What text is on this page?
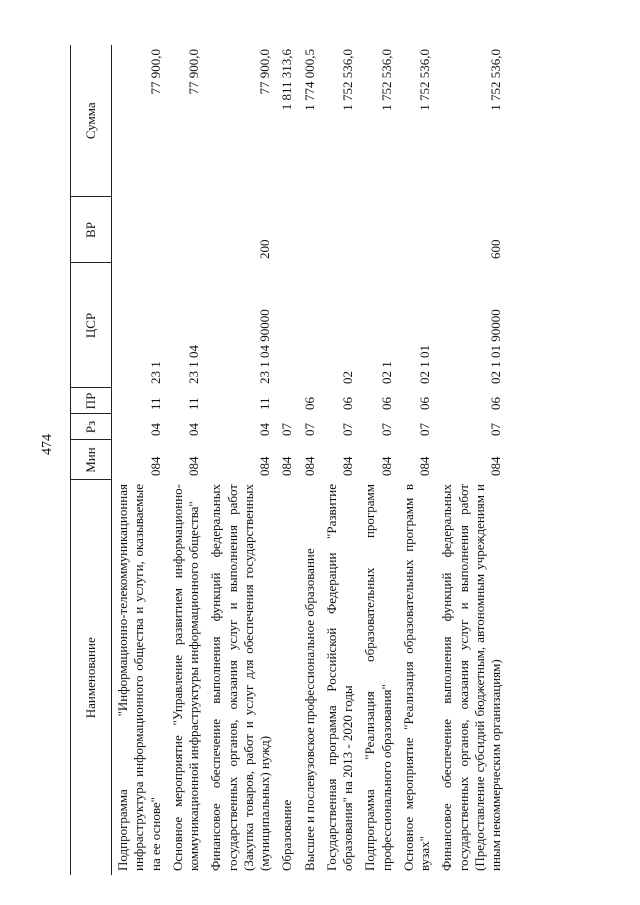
474
Наименование	Мин	Рз	ПР	ЦСР	ВР	Сумма
Подпрограмма "Информационно-телекоммуникационная инфраструктура информационного общества и услуги, оказываемые на ее основе"	084	04	11	23 1		77 900,0
Основное мероприятие "Управление развитием информационно-коммуникационной инфраструктуры информационного общества"	084	04	11	23 1 04		77 900,0
Финансовое обеспечение выполнения функций федеральных государственных органов, оказания услуг и выполнения работ (Закупка товаров, работ и услуг для обеспечения государственных (муниципальных) нужд)	084	04	11	23 1 04 90000	200	77 900,0
Образование	084	07				1 811 313,6
Высшее и послевузовское профессиональное образование	084	07	06			1 774 000,5
Государственная программа Российской Федерации "Развитие образования" на 2013 - 2020 годы	084	07	06	02		1 752 536,0
Подпрограмма "Реализация образовательных программ профессионального образования"	084	07	06	02 1		1 752 536,0
Основное мероприятие "Реализация образовательных программ в вузах"	084	07	06	02 1 01		1 752 536,0
Финансовое обеспечение выполнения функций федеральных государственных органов, оказания услуг и выполнения работ (Предоставление субсидий бюджетным, автономным учреждениям и иным некоммерческим организациям)	084	07	06	02 1 01 90000	600	1 752 536,0
